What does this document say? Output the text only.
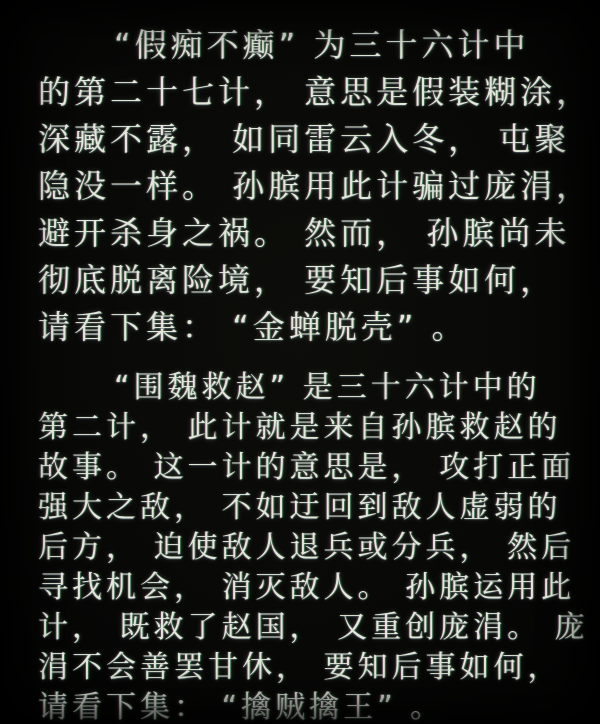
“假痴不癫” 为三十六计中
的第二十七计， 意思是假装糊涂，
深藏不露， 如同雷云入冬， 屯聚
隐没一样。 孙膑用此计骗过庞涓，
避开杀身之祸。 然而， 孙膑尚未
彻底脱离险境， 要知后事如何，
请看下集： “金蝉脱壳” 。
“围魏救赵” 是三十六计中的
第二计， 此计就是来自孙膑救赵的
故事。 这一计的意思是， 攻打正面
强大之敌， 不如迂回到敌人虚弱的
后方， 迫使敌人退兵或分兵， 然后
寻找机会， 消灭敌人。 孙膑运用此
计， 既救了赵国， 又重创庞涓。 庞
涓不会善罢甘休， 要知后事如何，
请看下集： “擒贼擒王” 。
